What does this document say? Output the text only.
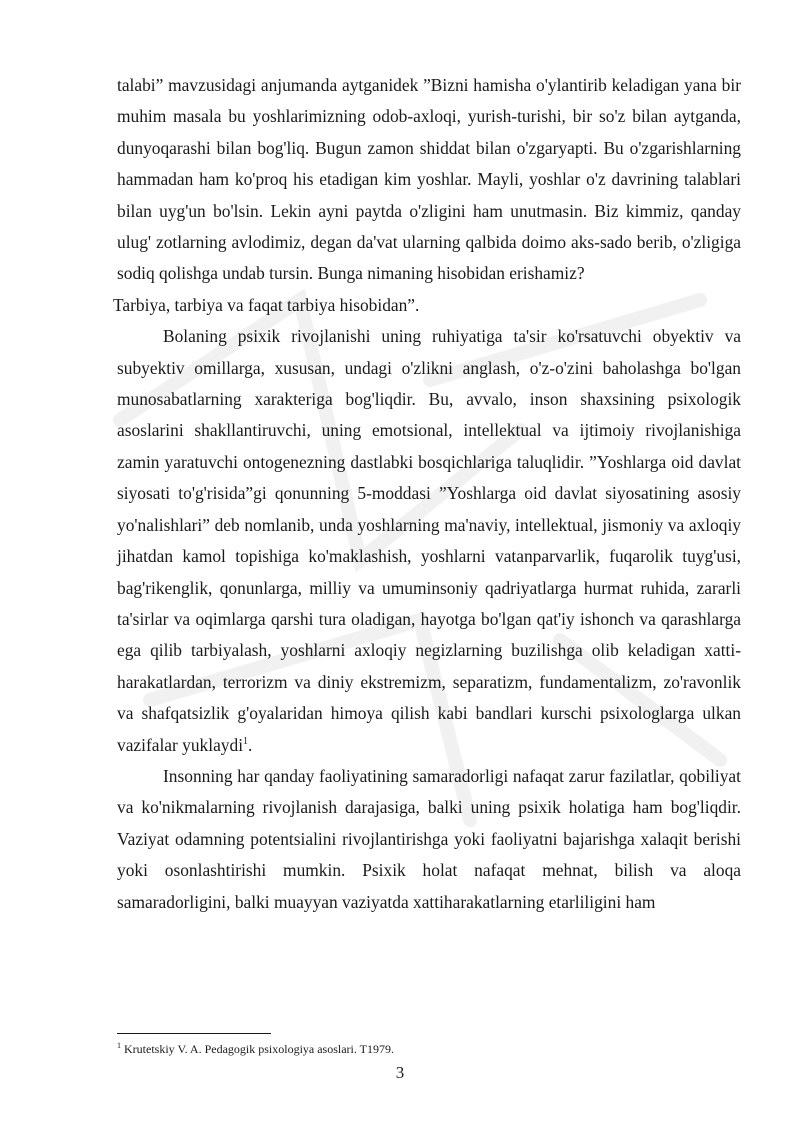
talabi” mavzusidagi anjumanda aytganidek ”Bizni hamisha o'ylantirib keladigan yana bir muhim masala bu yoshlarimizning odob-axloqi, yurish-turishi, bir so'z bilan aytganda, dunyoqarashi bilan bog'liq. Bugun zamon shiddat bilan o'zgaryapti. Bu o'zgarishlarning hammadan ham ko'proq his etadigan kim yoshlar. Mayli, yoshlar o'z davrining talablari bilan uyg'un bo'lsin. Lekin ayni paytda o'zligini ham unutmasin. Biz kimmiz, qanday ulug' zotlarning avlodimiz, degan da'vat ularning qalbida doimo aks-sado berib, o'zligiga sodiq qolishga undab tursin. Bunga nimaning hisobidan erishamiz?

Tarbiya, tarbiya va faqat tarbiya hisobidan”.

Bolaning psixik rivojlanishi uning ruhiyatiga ta'sir ko'rsatuvchi obyektiv va subyektiv omillarga, xususan, undagi o'zlikni anglash, o'z-o'zini baholashga bo'lgan munosabatlarning xarakteriga bog'liqdir. Bu, avvalo, inson shaxsining psixologik asoslarini shakllantiruvchi, uning emotsional, intellektual va ijtimoiy rivojlanishiga zamin yaratuvchi ontogenezning dastlabki bosqichlariga taluqlidir. ”Yoshlarga oid davlat siyosati to'g'risida”gi qonunning 5-moddasi ”Yoshlarga oid davlat siyosatining asosiy yo'nalishlari” deb nomlanib, unda yoshlarning ma'naviy, intellektual, jismoniy va axloqiy jihatdan kamol topishiga ko'maklashish, yoshlarni vatanparvarlik, fuqarolik tuyg'usi, bag'rikenglik, qonunlarga, milliy va umuminsoniy qadriyatlarga hurmat ruhida, zararli ta'sirlar va oqimlarga qarshi tura oladigan, hayotga bo'lgan qat'iy ishonch va qarashlarga ega qilib tarbiyalash, yoshlarni axloqiy negizlarning buzilishga olib keladigan xatti-harakatlardan, terrorizm va diniy ekstremizm, separatizm, fundamentalizm, zo'ravonlik va shafqatsizlik g'oyalaridan himoya qilish kabi bandlari kurschi psixologlarga ulkan vazifalar yuklaydi$^1$.

Insonning har qanday faoliyatining samaradorligi nafaqat zarur fazilatlar, qobiliyat va ko'nikmalarning rivojlanish darajasiga, balki uning psixik holatiga ham bog'liqdir. Vaziyat odamning potentsialini rivojlantirishga yoki faoliyatni bajarishga xalaqit berishi yoki osonlashtirishi mumkin. Psixik holat nafaqat mehnat, bilish va aloqa samaradorligini, balki muayyan vaziyatda xattiharakatlarning etarliligini ham

$^1$ Krutetskiy V. A. Pedagogik psixologiya asoslari. T1979.
3
